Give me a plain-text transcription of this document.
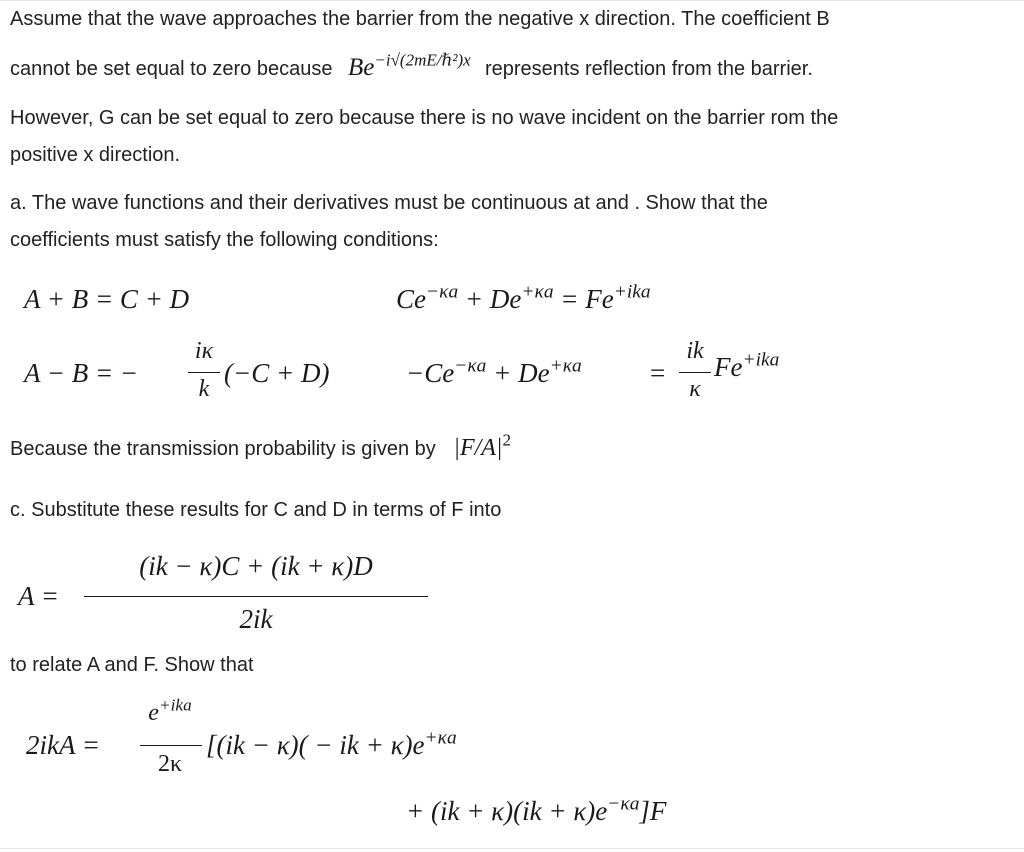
Assume that the wave approaches the barrier from the negative x direction. The coefficient B
cannot be set equal to zero because $Be^{-i√(2mE/\hbar^2)x}$ represents reflection from the barrier.
However, G can be set equal to zero because there is no wave incident on the barrier rom the
positive x direction.
a. The wave functions and their derivatives must be continuous at and . Show that the
coefficients must satisfy the following conditions:
A + B = C + D	$Ce^{-\kappa a} + De^{+\kappa a} = Fe^{+ika}$
A − B = −
iκ
k
(−C + D)	$-Ce^{-\kappa a} + De^{+\kappa a}$	=
ik
κ
$Fe^{+ika}$
Because the transmission probability is given by $|F/A|^2$
c. Substitute these results for C and D in terms of F into
A =
(ik − κ)C + (ik + κ)D
2ik
to relate A and F. Show that
2ikA =
$e^{+ika}$
2κ
[(ik − κ)( − ik + $\kappa)e^{+\kappa a}$
+ $(ik + \kappa)(ik + \kappa)e^{-\kappa a}]F$
